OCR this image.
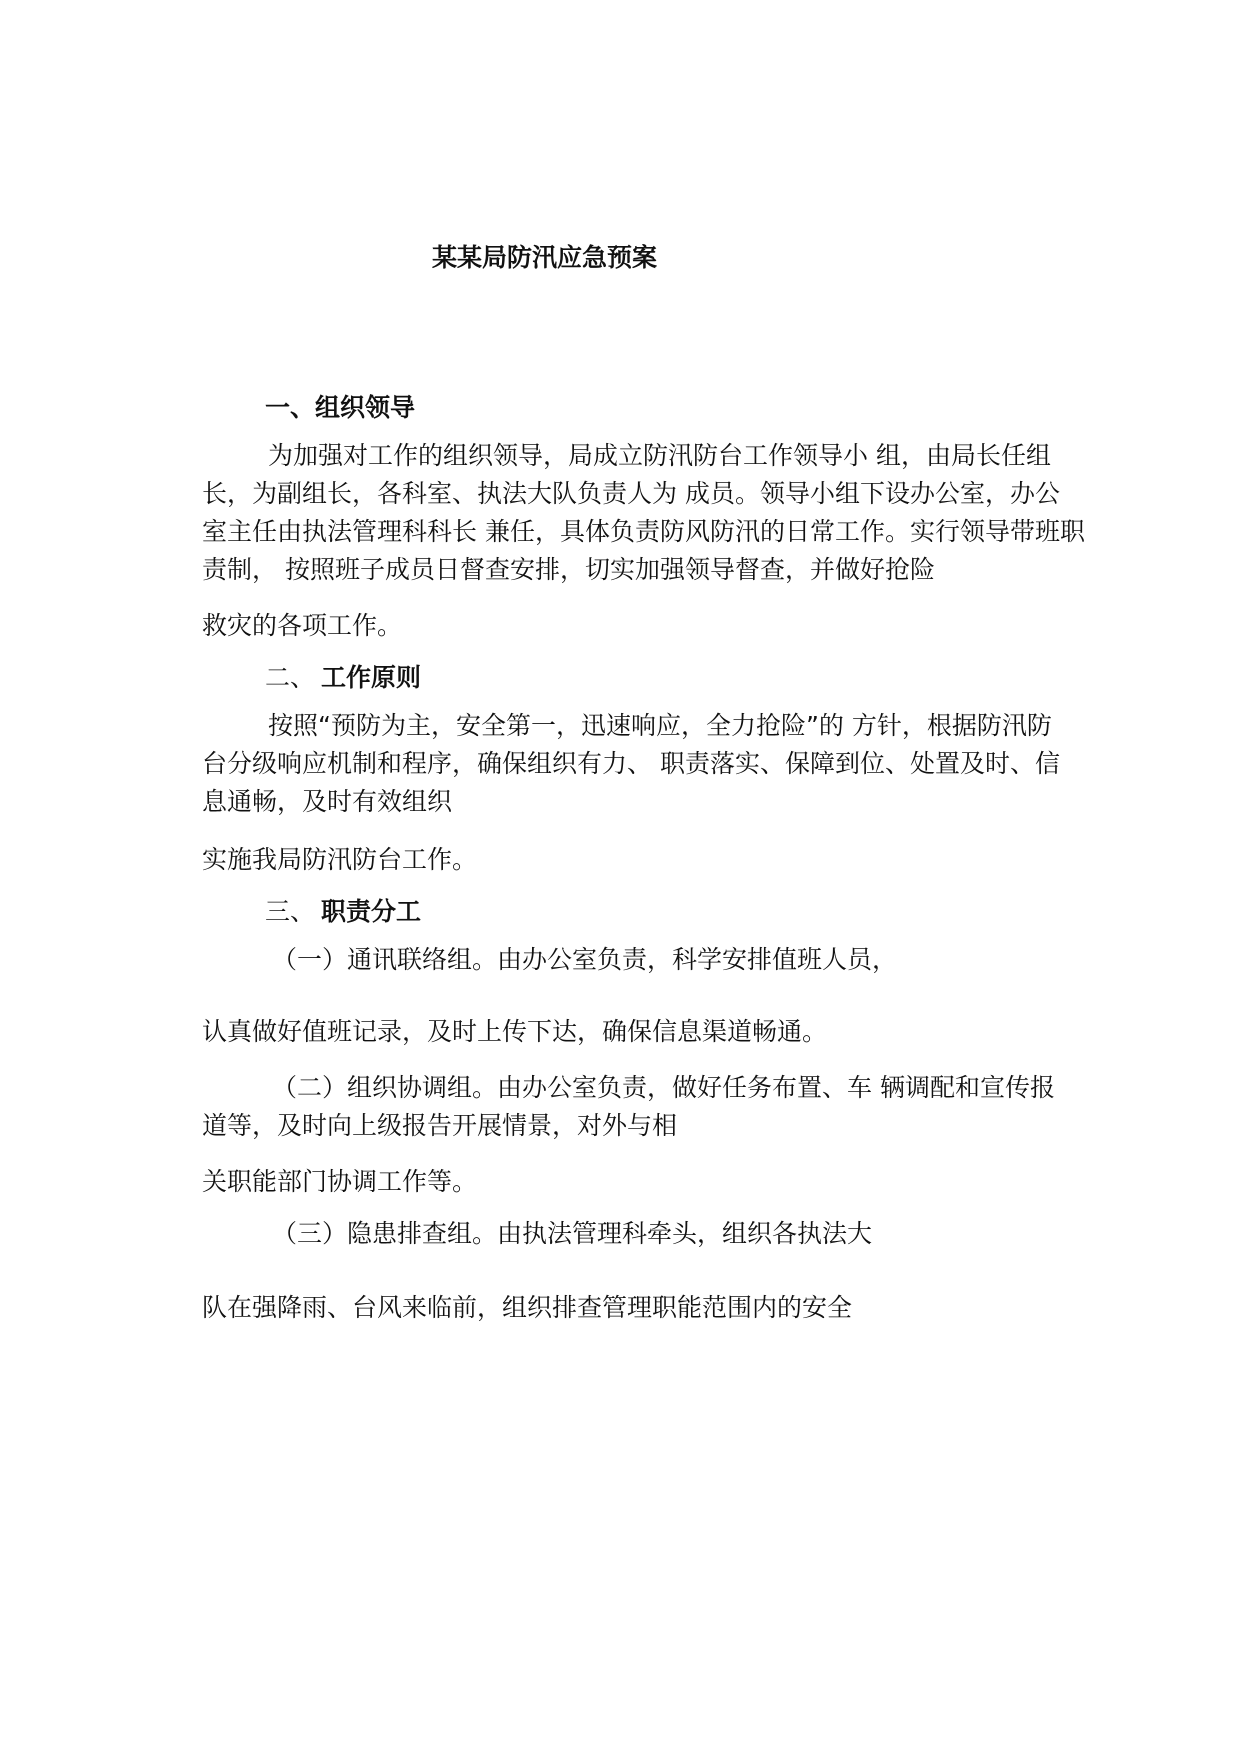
某某局防汛应急预案
一、组织领导

为加强对工作的组织领导，局成立防汛防台工作领导小 组，由局长任组

长，为副组长，各科室、执法大队负责人为 成员。领导小组下设办公室，办公

室主任由执法管理科科长 兼任，具体负责防风防汛的日常工作。实行领导带班职

责制， 按照班子成员日督查安排，切实加强领导督查，并做好抢险

救灾的各项工作。

二、 工作原则

按照“预防为主，安全第一，迅速响应，全力抢险”的 方针，根据防汛防

台分级响应机制和程序，确保组织有力、 职责落实、保障到位、处置及时、信

息通畅，及时有效组织

实施我局防汛防台工作。

三、 职责分工

（一）通讯联络组。由办公室负责，科学安排值班人员，

认真做好值班记录，及时上传下达，确保信息渠道畅通。

（二）组织协调组。由办公室负责，做好任务布置、车 辆调配和宣传报

道等，及时向上级报告开展情景，对外与相

关职能部门协调工作等。

（三）隐患排查组。由执法管理科牵头，组织各执法大

队在强降雨、台风来临前，组织排查管理职能范围内的安全
